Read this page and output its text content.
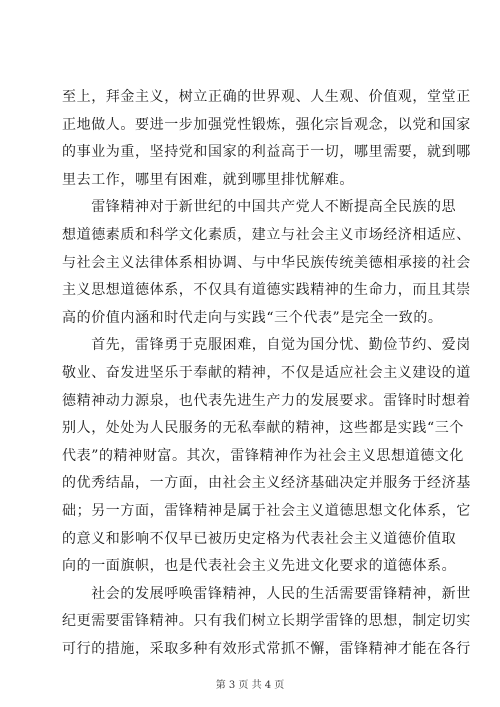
至上，拜金主义，树立正确的世界观、人生观、价值观，堂堂正
正地做人。要进一步加强党性锻炼，强化宗旨观念，以党和国家
的事业为重，坚持党和国家的利益高于一切，哪里需要，就到哪
里去工作，哪里有困难，就到哪里排忧解难。

　　雷锋精神对于新世纪的中国共产党人不断提高全民族的思
想道德素质和科学文化素质，建立与社会主义市场经济相适应、
与社会主义法律体系相协调、与中华民族传统美德相承接的社会
主义思想道德体系，不仅具有道德实践精神的生命力，而且其崇
高的价值内涵和时代走向与实践“三个代表”是完全一致的。

　　首先，雷锋勇于克服困难，自觉为国分忧、勤俭节约、爱岗
敬业、奋发进坚乐于奉献的精神，不仅是适应社会主义建设的道
德精神动力源泉，也代表先进生产力的发展要求。雷锋时时想着
别人，处处为人民服务的无私奉献的精神，这些都是实践“三个
代表”的精神财富。其次，雷锋精神作为社会主义思想道德文化
的优秀结晶，一方面，由社会主义经济基础决定并服务于经济基
础；另一方面，雷锋精神是属于社会主义道德思想文化体系，它
的意义和影响不仅早已被历史定格为代表社会主义道德价值取
向的一面旗帜，也是代表社会主义先进文化要求的道德体系。

　　社会的发展呼唤雷锋精神，人民的生活需要雷锋精神，新世
纪更需要雷锋精神。只有我们树立长期学雷锋的思想，制定切实
可行的措施，采取多种有效形式常抓不懈，雷锋精神才能在各行

第 3 页 共 4 页
